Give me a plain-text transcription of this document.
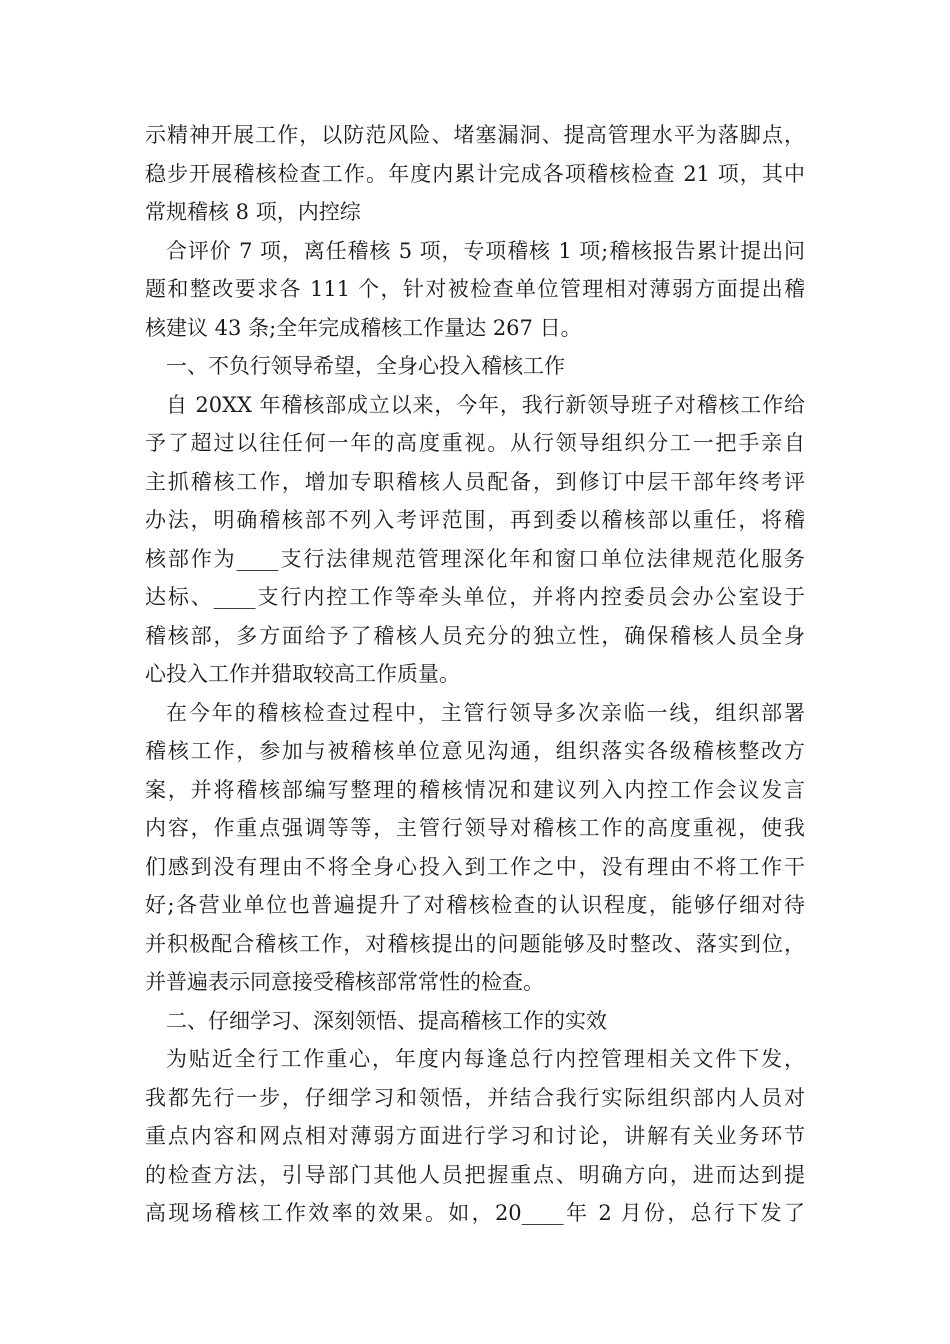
示精神开展工作，以防范风险、堵塞漏洞、提高管理水平为落脚点，
稳步开展稽核检查工作。年度内累计完成各项稽核检查 21 项，其中
常规稽核 8 项，内控综
合评价 7 项，离任稽核 5 项，专项稽核 1 项;稽核报告累计提出问
题和整改要求各 111 个，针对被检查单位管理相对薄弱方面提出稽
核建议 43 条;全年完成稽核工作量达 267 日。
一、不负行领导希望，全身心投入稽核工作
自 20XX 年稽核部成立以来，今年，我行新领导班子对稽核工作给
予了超过以往任何一年的高度重视。从行领导组织分工一把手亲自
主抓稽核工作，增加专职稽核人员配备，到修订中层干部年终考评
办法，明确稽核部不列入考评范围，再到委以稽核部以重任，将稽
核部作为____支行法律规范管理深化年和窗口单位法律规范化服务
达标、____支行内控工作等牵头单位，并将内控委员会办公室设于
稽核部，多方面给予了稽核人员充分的独立性，确保稽核人员全身
心投入工作并猎取较高工作质量。
在今年的稽核检查过程中，主管行领导多次亲临一线，组织部署
稽核工作，参加与被稽核单位意见沟通，组织落实各级稽核整改方
案，并将稽核部编写整理的稽核情况和建议列入内控工作会议发言
内容，作重点强调等等，主管行领导对稽核工作的高度重视，使我
们感到没有理由不将全身心投入到工作之中，没有理由不将工作干
好;各营业单位也普遍提升了对稽核检查的认识程度，能够仔细对待
并积极配合稽核工作，对稽核提出的问题能够及时整改、落实到位，
并普遍表示同意接受稽核部常常性的检查。
二、仔细学习、深刻领悟、提高稽核工作的实效
为贴近全行工作重心，年度内每逢总行内控管理相关文件下发，
我都先行一步，仔细学习和领悟，并结合我行实际组织部内人员对
重点内容和网点相对薄弱方面进行学习和讨论，讲解有关业务环节
的检查方法，引导部门其他人员把握重点、明确方向，进而达到提
高现场稽核工作效率的效果。如，20____年 2 月份，总行下发了
